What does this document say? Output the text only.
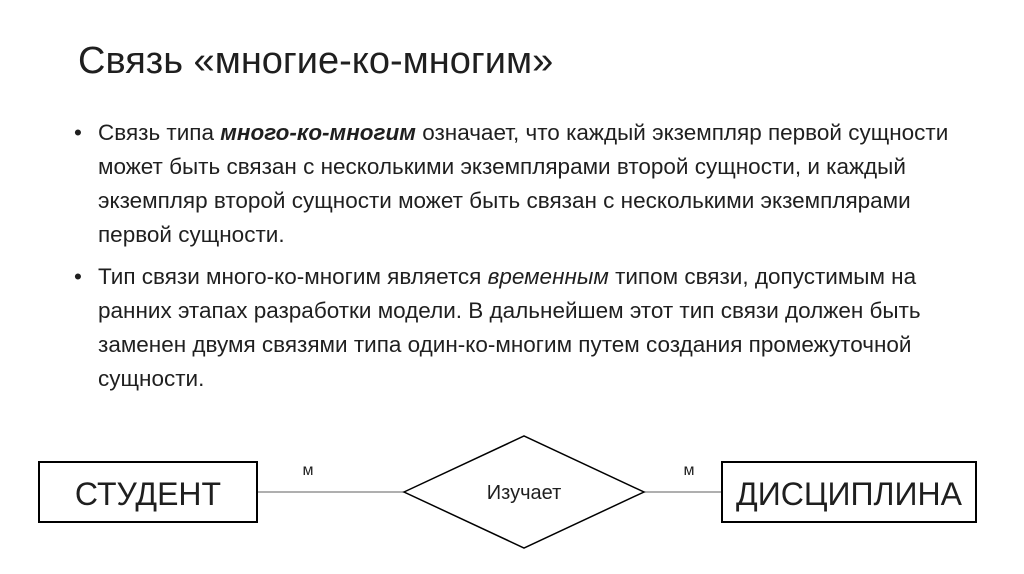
Связь «многие-ко-многим»
• Связь типа много-ко-многим означает, что каждый экземпляр первой сущности может быть связан с несколькими экземплярами второй сущности, и каждый экземпляр второй сущности может быть связан с несколькими экземплярами первой сущности.
• Тип связи много-ко-многим является временным типом связи, допустимым на ранних этапах разработки модели. В дальнейшем этот тип связи должен быть заменен двумя связями типа один-ко-многим путем создания промежуточной сущности.
СТУДЕНТ	Изучает	ДИСЦИПЛИНА
м	м
